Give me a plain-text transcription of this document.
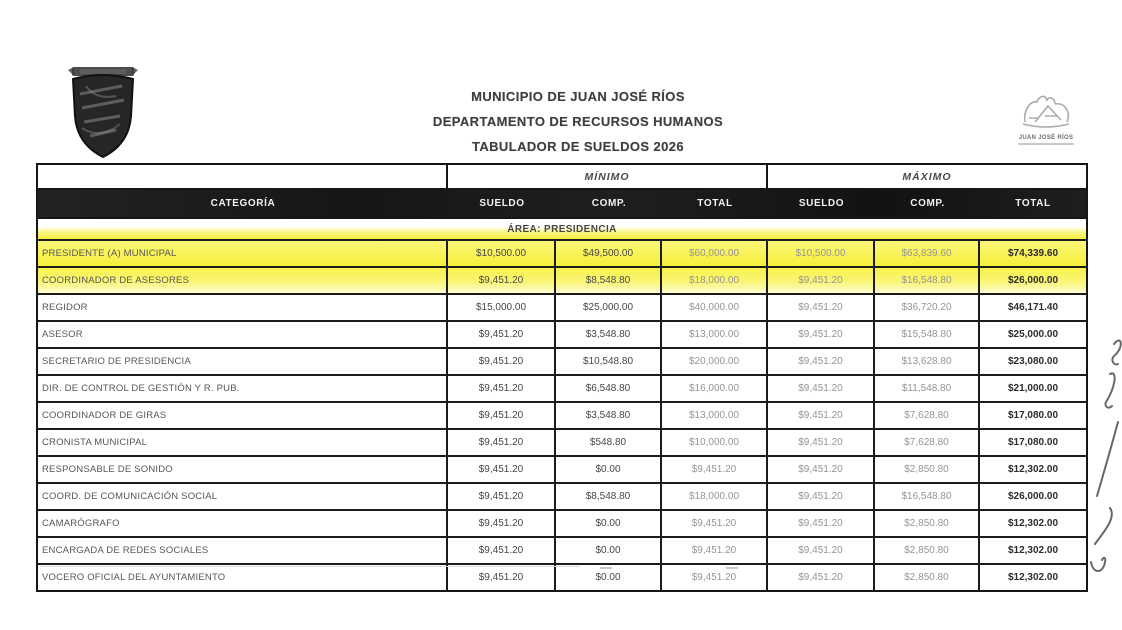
MUNICIPIO DE JUAN JOSÉ RÍOS
DEPARTAMENTO DE RECURSOS HUMANOS
TABULADOR DE SUELDOS 2026
JUAN JOSÉ RÍOS
MÍNIMO	MÁXIMO
CATEGORÍA	SUELDO	COMP.	TOTAL	SUELDO	COMP.	TOTAL
ÁREA: PRESIDENCIA
PRESIDENTE (A) MUNICIPAL	$10,500.00	$49,500.00	$60,000.00	$10,500.00	$63,839.60	$74,339.60
COORDINADOR DE ASESORES	$9,451.20	$8,548.80	$18,000.00	$9,451.20	$16,548.80	$26,000.00
REGIDOR	$15,000.00	$25,000.00	$40,000.00	$9,451.20	$36,720.20	$46,171.40
ASESOR	$9,451.20	$3,548.80	$13,000.00	$9,451.20	$15,548.80	$25,000.00
SECRETARIO DE PRESIDENCIA	$9,451.20	$10,548.80	$20,000.00	$9,451.20	$13,628.80	$23,080.00
DIR. DE CONTROL DE GESTIÓN Y R. PUB.	$9,451.20	$6,548.80	$16,000.00	$9,451.20	$11,548.80	$21,000.00
COORDINADOR DE GIRAS	$9,451.20	$3,548.80	$13,000.00	$9,451.20	$7,628.80	$17,080.00
CRONISTA MUNICIPAL	$9,451.20	$548.80	$10,000.00	$9,451.20	$7,628.80	$17,080.00
RESPONSABLE DE SONIDO	$9,451.20	$0.00	$9,451.20	$9,451.20	$2,850.80	$12,302.00
COORD. DE COMUNICACIÓN SOCIAL	$9,451.20	$8,548.80	$18,000.00	$9,451.20	$16,548.80	$26,000.00
CAMARÓGRAFO	$9,451.20	$0.00	$9,451.20	$9,451.20	$2,850.80	$12,302.00
ENCARGADA DE REDES SOCIALES	$9,451.20	$0.00	$9,451.20	$9,451.20	$2,850.80	$12,302.00
VOCERO OFICIAL DEL AYUNTAMIENTO	$9,451.20	$0.00	$9,451.20	$9,451.20	$2,850.80	$12,302.00
